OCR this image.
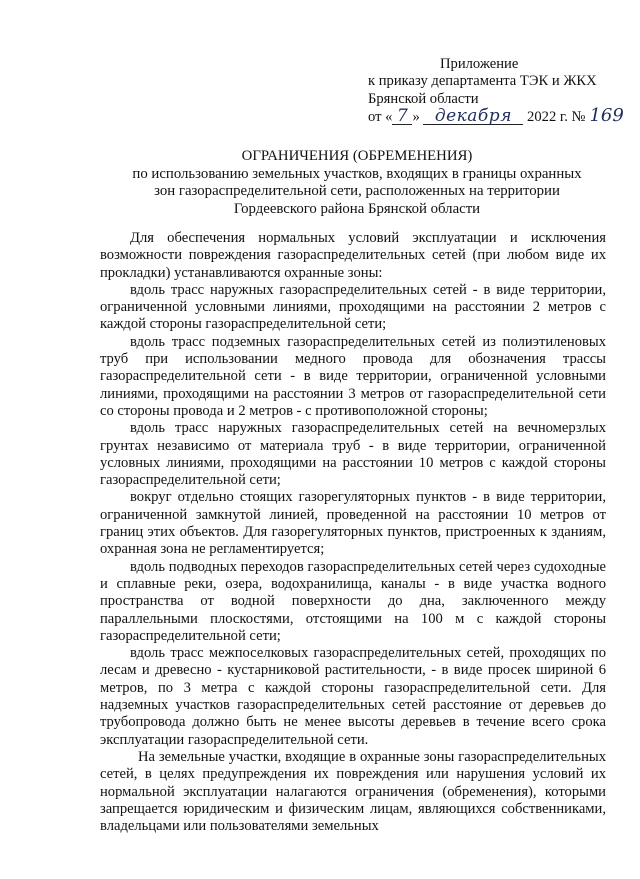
Приложение
к приказу департамента ТЭК и ЖКХ
Брянской области
от « 7 » декабря 2022 г. № 169
ОГРАНИЧЕНИЯ (ОБРЕМЕНЕНИЯ)
по использованию земельных участков, входящих в границы охранных
зон газораспределительной сети, расположенных на территории
Гордеевского района Брянской области

Для обеспечения нормальных условий эксплуатации и исключения возможности повреждения газораспределительных сетей (при любом виде их прокладки) устанавливаются охранные зоны:

вдоль трасс наружных газораспределительных сетей - в виде территории, ограниченной условными линиями, проходящими на расстоянии 2 метров с каждой стороны газораспределительной сети;

вдоль трасс подземных газораспределительных сетей из полиэтиленовых труб при использовании медного провода для обозначения трассы газораспределительной сети - в виде территории, ограниченной условными линиями, проходящими на расстоянии 3 метров от газораспределительной сети со стороны провода и 2 метров - с противоположной стороны;

вдоль трасс наружных газораспределительных сетей на вечномерзлых грунтах независимо от материала труб - в виде территории, ограниченной условных линиями, проходящими на расстоянии 10 метров с каждой стороны газораспределительной сети;

вокруг отдельно стоящих газорегуляторных пунктов - в виде территории, ограниченной замкнутой линией, проведенной на расстоянии 10 метров от границ этих объектов. Для газорегуляторных пунктов, пристроенных к зданиям, охранная зона не регламентируется;

вдоль подводных переходов газораспределительных сетей через судоходные и сплавные реки, озера, водохранилища, каналы - в виде участка водного пространства от водной поверхности до дна, заключенного между параллельными плоскостями, отстоящими на 100 м с каждой стороны газораспределительной сети;

вдоль трасс межпоселковых газораспределительных сетей, проходящих по лесам и древесно - кустарниковой растительности, - в виде просек шириной 6 метров, по 3 метра с каждой стороны газораспределительной сети. Для надземных участков газораспределительных сетей расстояние от деревьев до трубопровода должно быть не менее высоты деревьев в течение всего срока эксплуатации газораспределительной сети.

На земельные участки, входящие в охранные зоны газораспределительных сетей, в целях предупреждения их повреждения или нарушения условий их нормальной эксплуатации налагаются ограничения (обременения), которыми запрещается юридическим и физическим лицам, являющихся собственниками, владельцами или пользователями земельных
